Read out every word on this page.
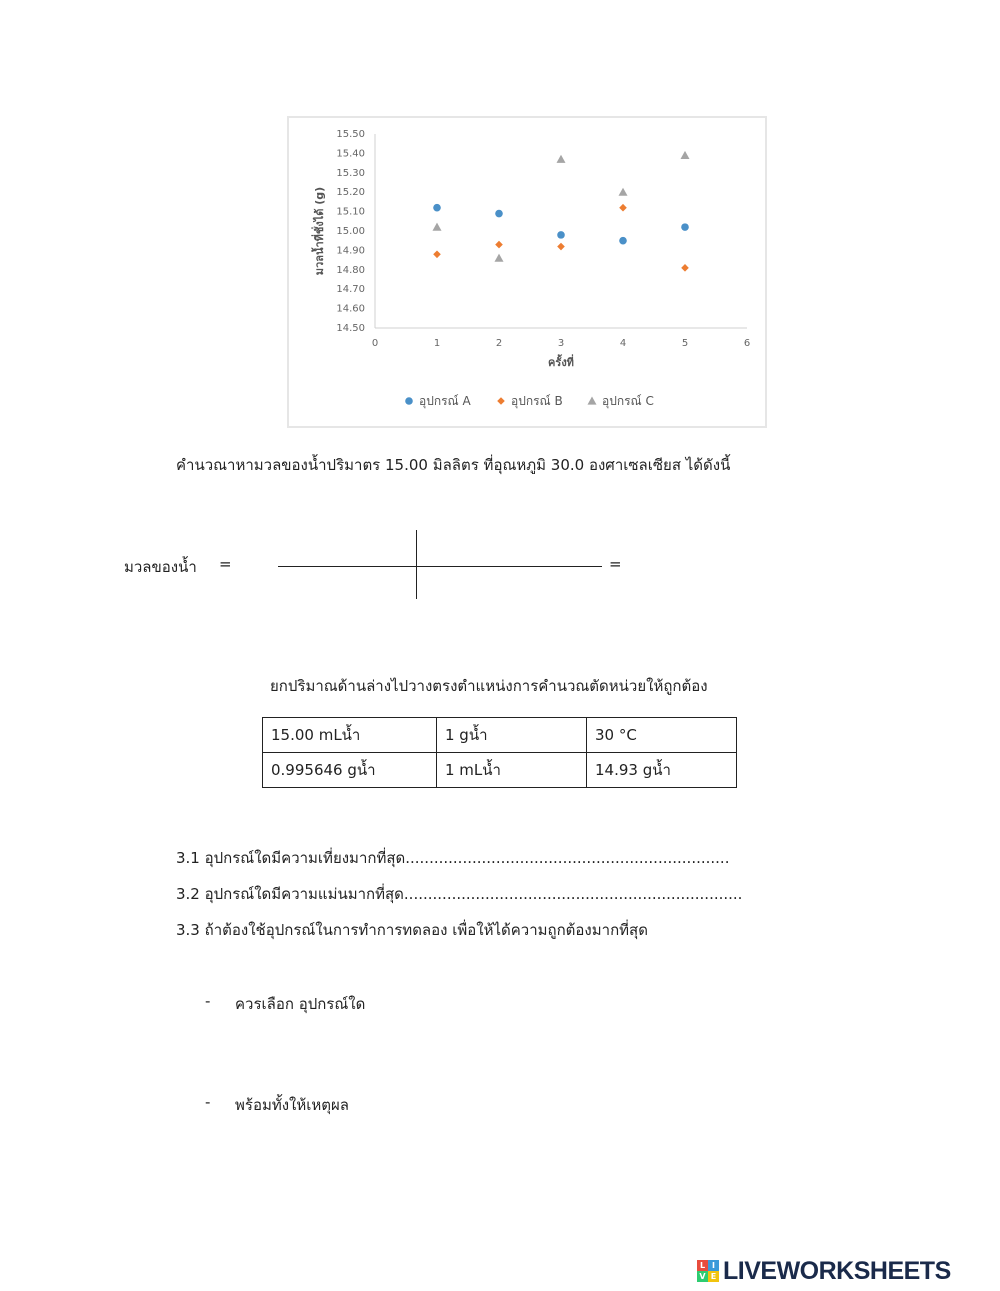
14.50
14.60
14.70
14.80
14.90
15.00
15.10
15.20
15.30
15.40
15.50
0	1	2	3	4	5	6
ครั้งที่
มวลน้ำที่ชั่งได้ (g)
อุปกรณ์ A	อุปกรณ์ B	อุปกรณ์ C
คำนวณาหามวลของน้ำปริมาตร 15.00 มิลลิตร ที่อุณหภูมิ 30.0 องศาเซลเซียส ได้ดังนี้
มวลของน้ำ =	=
ยกปริมาณด้านล่างไปวางตรงตำแหน่งการคำนวณตัดหน่วยให้ถูกต้อง
15.00 mLน้ำ	1 gน้ำ	30 °C
0.995646 gน้ำ	1 mLน้ำ	14.93 gน้ำ
3.1 อุปกรณ์ใดมีความเที่ยงมากที่สุด....................................................................
3.2 อุปกรณ์ใดมีความแม่นมากที่สุด.......................................................................
3.3 ถ้าต้องใช้อุปกรณ์ในการทำการทดลอง เพื่อให้ได้ความถูกต้องมากที่สุด
- ควรเลือก อุปกรณ์ใด
- พร้อมทั้งให้เหตุผล
L I
V E LIVEWORKSHEETS
